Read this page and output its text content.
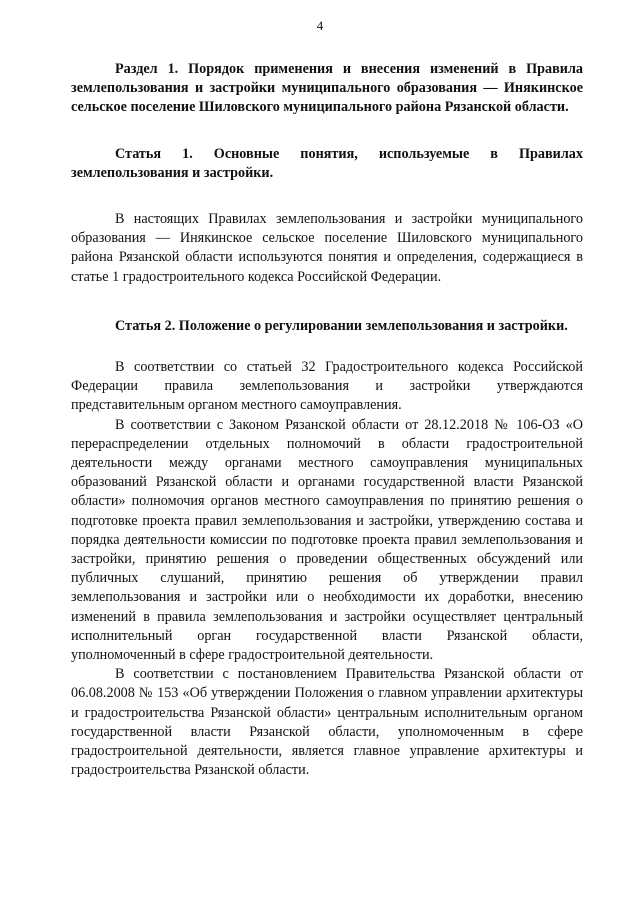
4

Раздел 1. Порядок применения и внесения изменений в Правила землепользования и застройки муниципального образования — Инякинское сельское поселение Шиловского муниципального района Рязанской области.

Статья 1. Основные понятия, используемые в Правилах землепользования и застройки.

В настоящих Правилах землепользования и застройки муниципального образования — Инякинское сельское поселение Шиловского муниципального района Рязанской области используются понятия и определения, содержащиеся в статье 1 градостроительного кодекса Российской Федерации.

Статья 2. Положение о регулировании землепользования и застройки.

В соответствии со статьей 32 Градостроительного кодекса Российской Федерации правила землепользования и застройки утверждаются представительным органом местного самоуправления.

В соответствии с Законом Рязанской области от 28.12.2018 № 106-ОЗ «О перераспределении отдельных полномочий в области градостроительной деятельности между органами местного самоуправления муниципальных образований Рязанской области и органами государственной власти Рязанской области» полномочия органов местного самоуправления по принятию решения о подготовке проекта правил землепользования и застройки, утверждению состава и порядка деятельности комиссии по подготовке проекта правил землепользования и застройки, принятию решения о проведении общественных обсуждений или публичных слушаний, принятию решения об утверждении правил землепользования и застройки или о необходимости их доработки, внесению изменений в правила землепользования и застройки осуществляет центральный исполнительный орган государственной власти Рязанской области, уполномоченный в сфере градостроительной деятельности.

В соответствии с постановлением Правительства Рязанской области от 06.08.2008 № 153 «Об утверждении Положения о главном управлении архитектуры и градостроительства Рязанской области» центральным исполнительным органом государственной власти Рязанской области, уполномоченным в сфере градостроительной деятельности, является главное управление архитектуры и градостроительства Рязанской области.
